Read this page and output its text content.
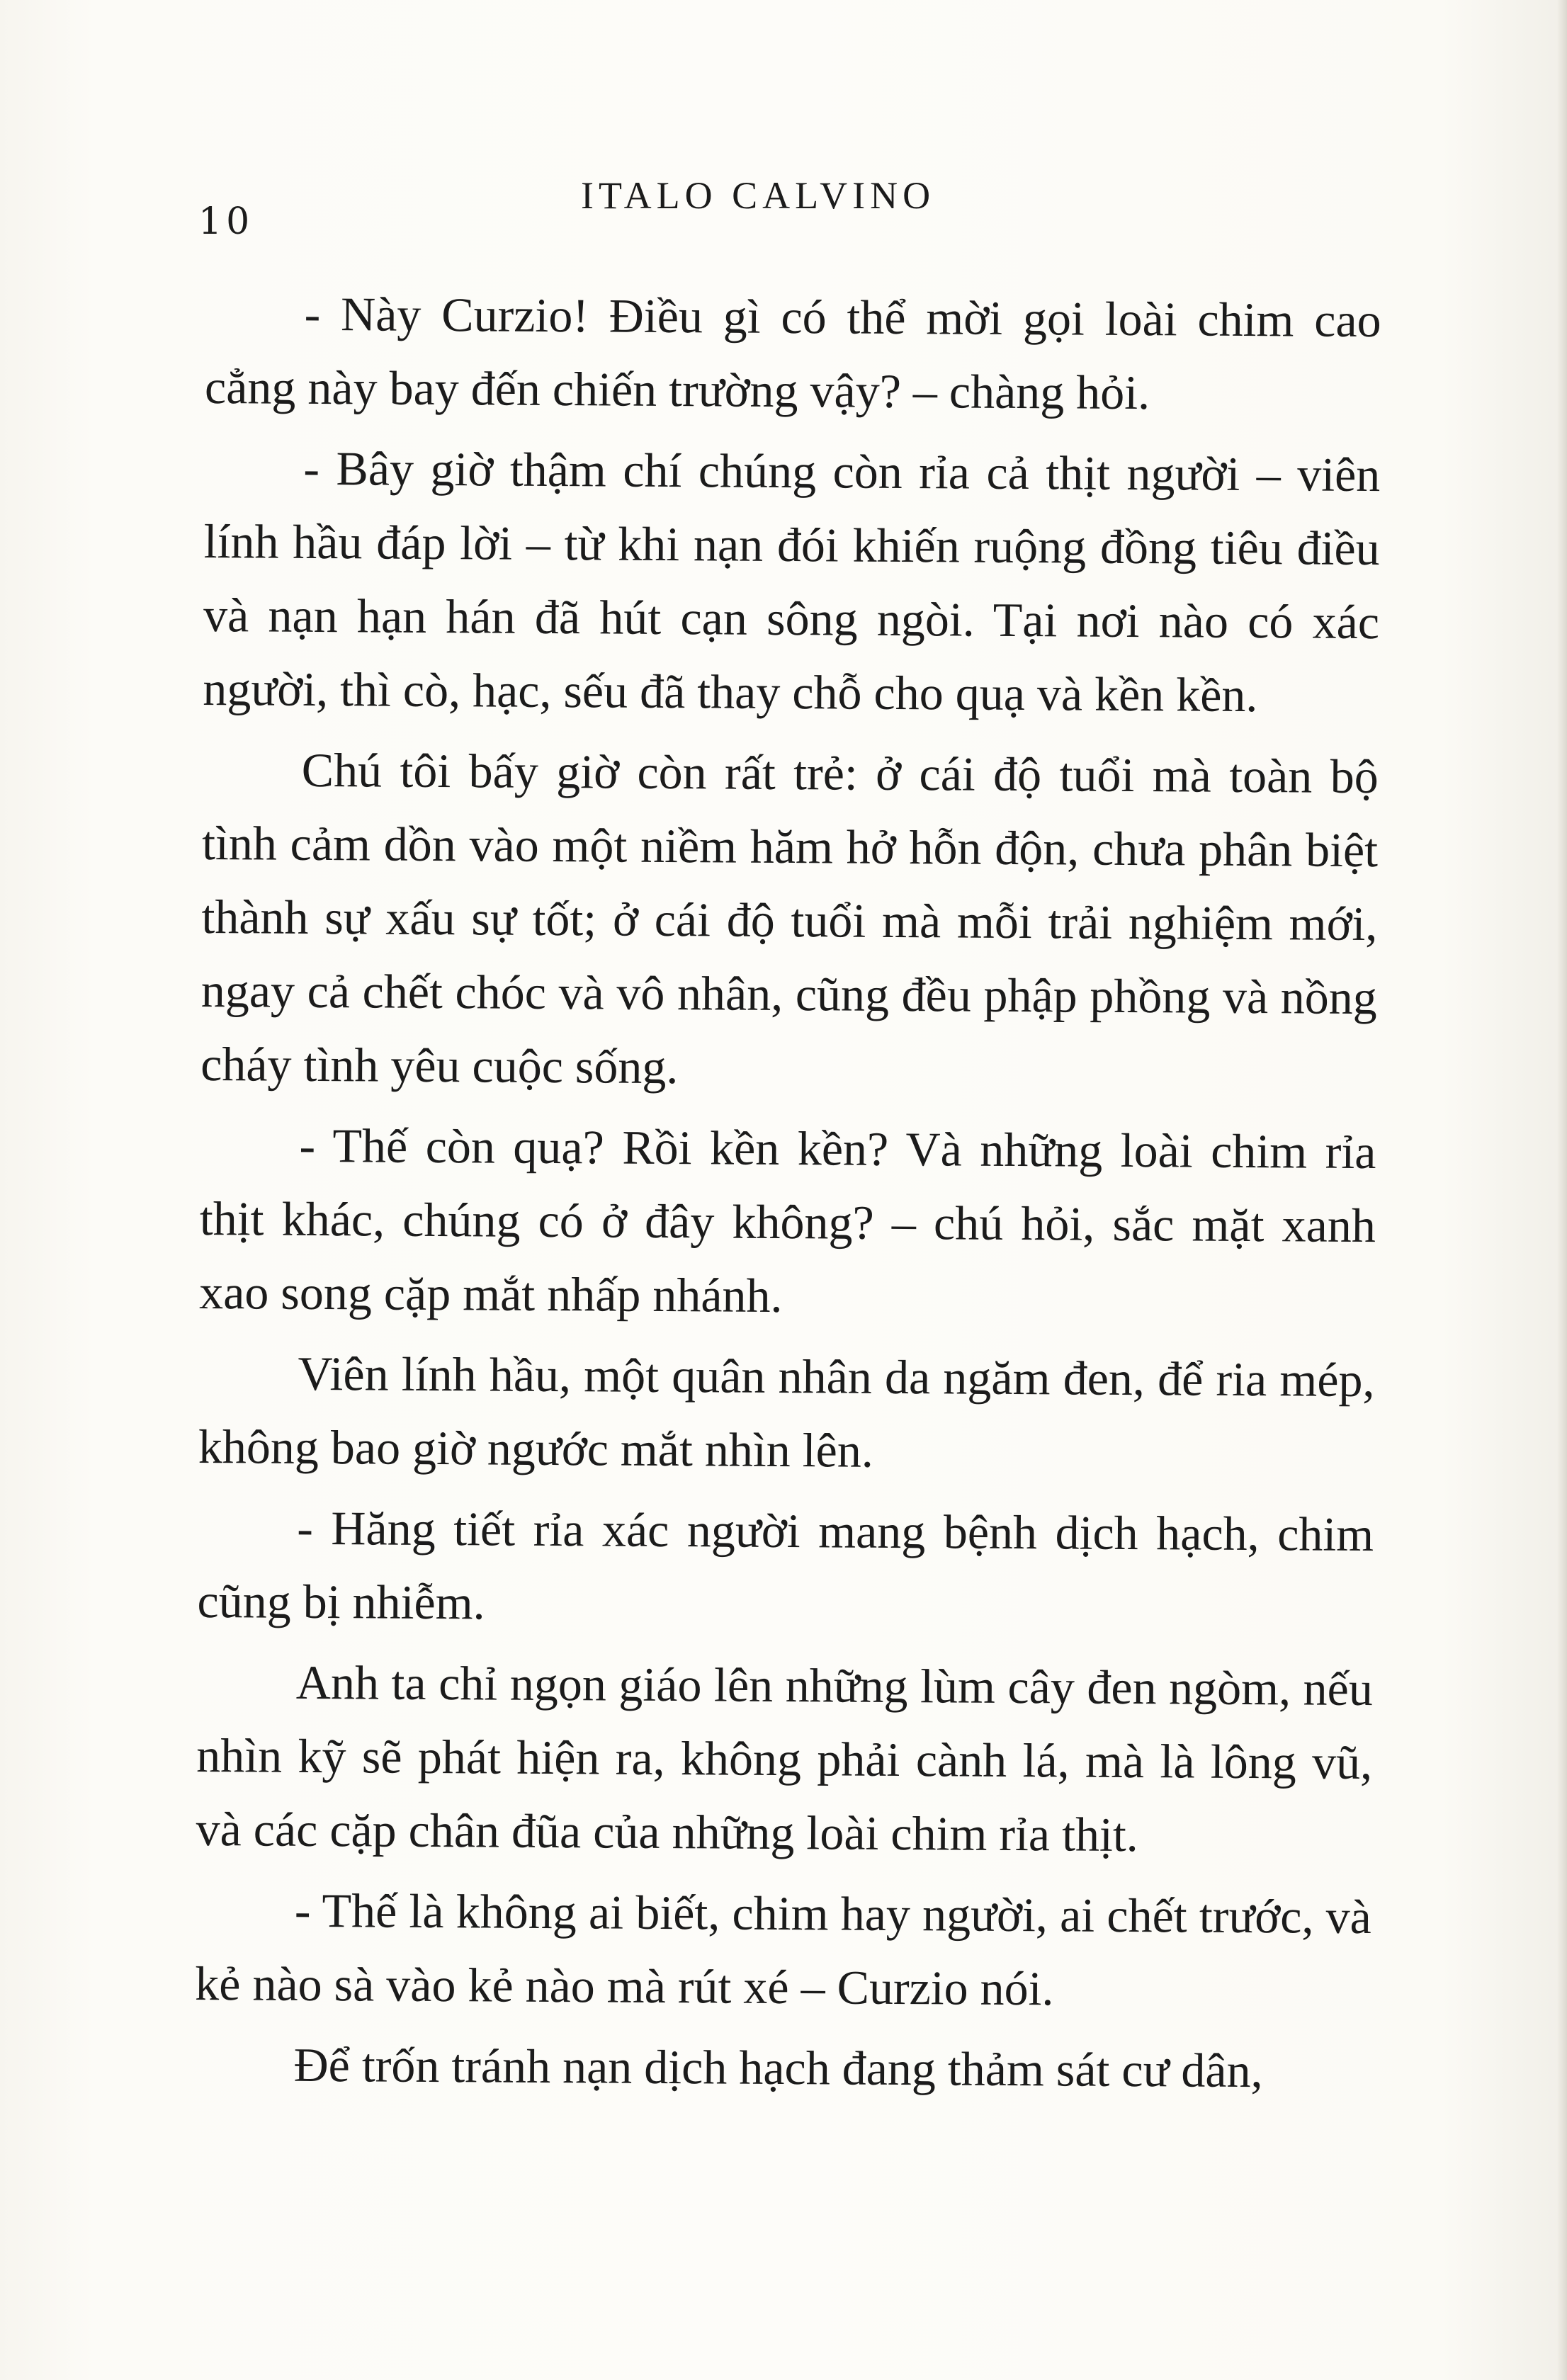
10
ITALO CALVINO

- Này Curzio! Điều gì có thể mời gọi loài chim cao cẳng này bay đến chiến trường vậy? – chàng hỏi.

- Bây giờ thậm chí chúng còn rỉa cả thịt người – viên lính hầu đáp lời – từ khi nạn đói khiến ruộng đồng tiêu điều và nạn hạn hán đã hút cạn sông ngòi. Tại nơi nào có xác người, thì cò, hạc, sếu đã thay chỗ cho quạ và kền kền.

Chú tôi bấy giờ còn rất trẻ: ở cái độ tuổi mà toàn bộ tình cảm dồn vào một niềm hăm hở hỗn độn, chưa phân biệt thành sự xấu sự tốt; ở cái độ tuổi mà mỗi trải nghiệm mới, ngay cả chết chóc và vô nhân, cũng đều phập phồng và nồng cháy tình yêu cuộc sống.

- Thế còn quạ? Rồi kền kền? Và những loài chim rỉa thịt khác, chúng có ở đây không? – chú hỏi, sắc mặt xanh xao song cặp mắt nhấp nhánh.

Viên lính hầu, một quân nhân da ngăm đen, để ria mép, không bao giờ ngước mắt nhìn lên.

- Hăng tiết rỉa xác người mang bệnh dịch hạch, chim cũng bị nhiễm.

Anh ta chỉ ngọn giáo lên những lùm cây đen ngòm, nếu nhìn kỹ sẽ phát hiện ra, không phải cành lá, mà là lông vũ, và các cặp chân đũa của những loài chim rỉa thịt.

- Thế là không ai biết, chim hay người, ai chết trước, và kẻ nào sà vào kẻ nào mà rút xé – Curzio nói.

Để trốn tránh nạn dịch hạch đang thảm sát cư dân,
